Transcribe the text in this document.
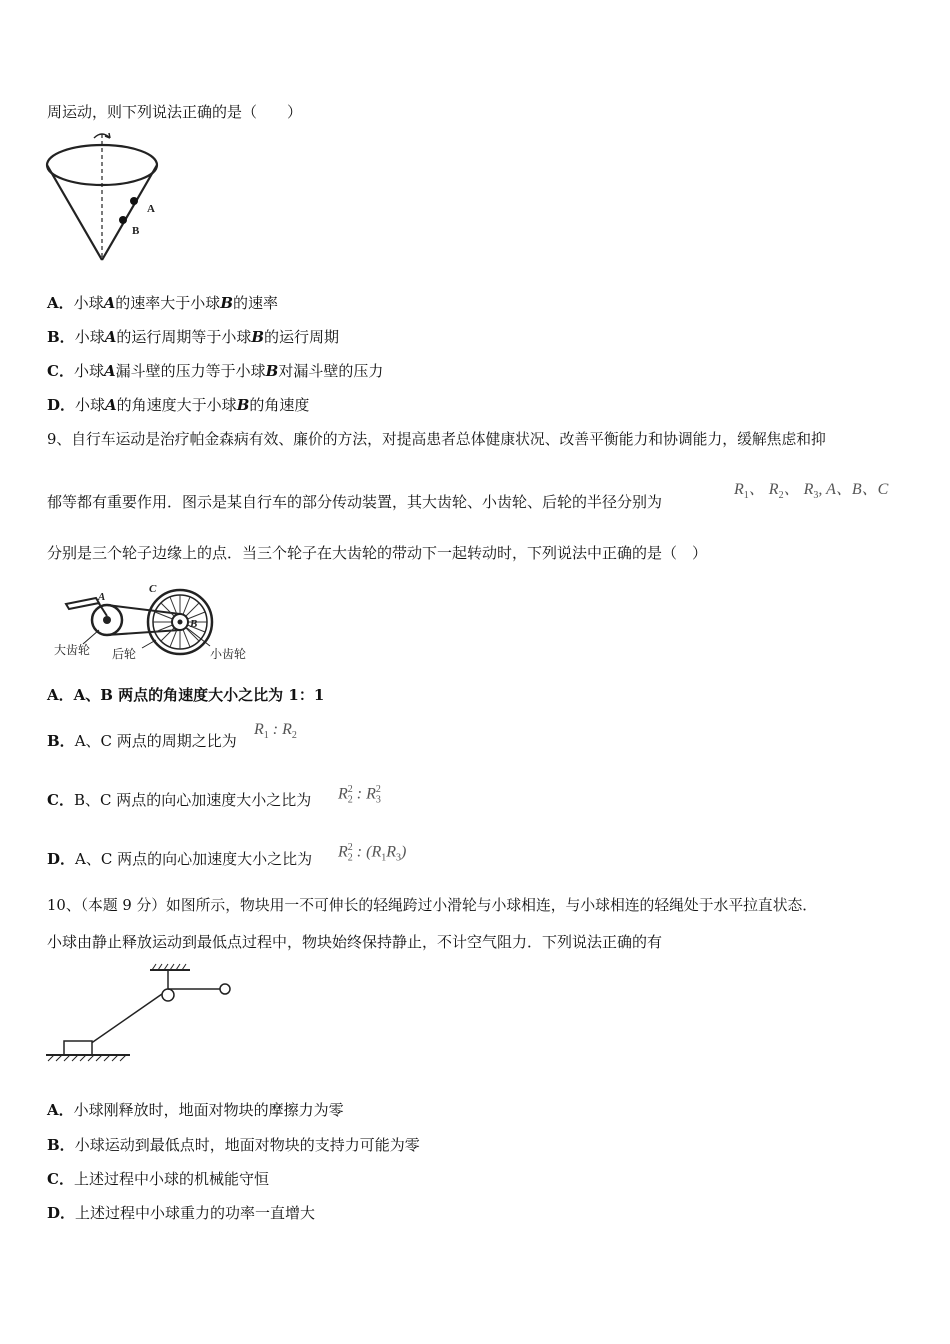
周运动，则下列说法正确的是（　　）
A
B
A．小球A的速率大于小球B的速率
B．小球A的运行周期等于小球B的运行周期
C．小球A漏斗壁的压力等于小球B对漏斗壁的压力
D．小球A的角速度大于小球B的角速度
9、自行车运动是治疗帕金森病有效、廉价的方法，对提高患者总体健康状况、改善平衡能力和协调能力，缓解焦虑和抑
郁等都有重要作用．图示是某自行车的部分传动装置，其大齿轮、小齿轮、后轮的半径分别为
$R_1$、 $R_2$、 $R_3$, A、B、C
分别是三个轮子边缘上的点．当三个轮子在大齿轮的带动下一起转动时，下列说法中正确的是（　）
A
B
C
大齿轮 后轮	小齿轮
A．A、B 两点的角速度大小之比为 1：1
B．A、C 两点的周期之比为
$R_1$ : $R_2$
C．B、C 两点的向心加速度大小之比为 $R_2^2$ : $R_3^2$
D．A、C 两点的向心加速度大小之比为 $R_2^2$ : $(R_1R_3)$
10、（本题 9 分）如图所示，物块用一不可伸长的轻绳跨过小滑轮与小球相连，与小球相连的轻绳处于水平拉直状态．
小球由静止释放运动到最低点过程中，物块始终保持静止，不计空气阻力．下列说法正确的有
A．小球刚释放时，地面对物块的摩擦力为零
B．小球运动到最低点时，地面对物块的支持力可能为零
C．上述过程中小球的机械能守恒
D．上述过程中小球重力的功率一直增大
